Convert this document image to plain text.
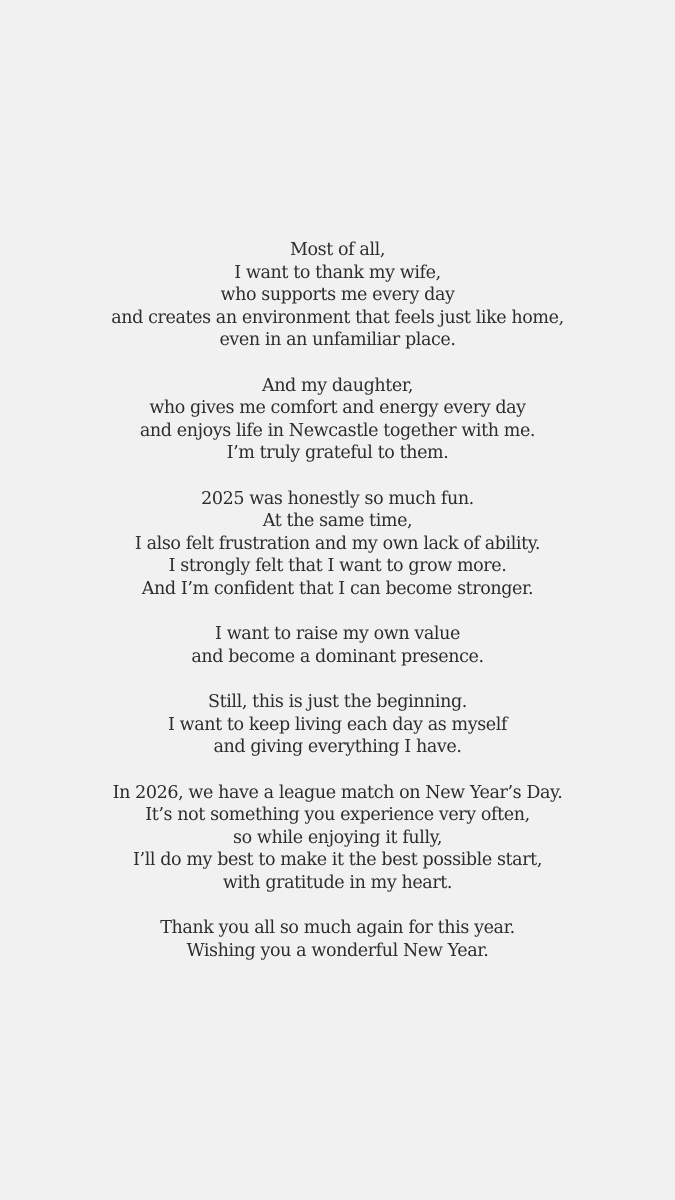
Most of all,
I want to thank my wife,
who supports me every day
and creates an environment that feels just like home,
even in an unfamiliar place.

And my daughter,
who gives me comfort and energy every day
and enjoys life in Newcastle together with me.
I’m truly grateful to them.

2025 was honestly so much fun.
At the same time,
I also felt frustration and my own lack of ability.
I strongly felt that I want to grow more.
And I’m confident that I can become stronger.

I want to raise my own value
and become a dominant presence.

Still, this is just the beginning.
I want to keep living each day as myself
and giving everything I have.

In 2026, we have a league match on New Year’s Day.
It’s not something you experience very often,
so while enjoying it fully,
I’ll do my best to make it the best possible start,
with gratitude in my heart.

Thank you all so much again for this year.
Wishing you a wonderful New Year.
